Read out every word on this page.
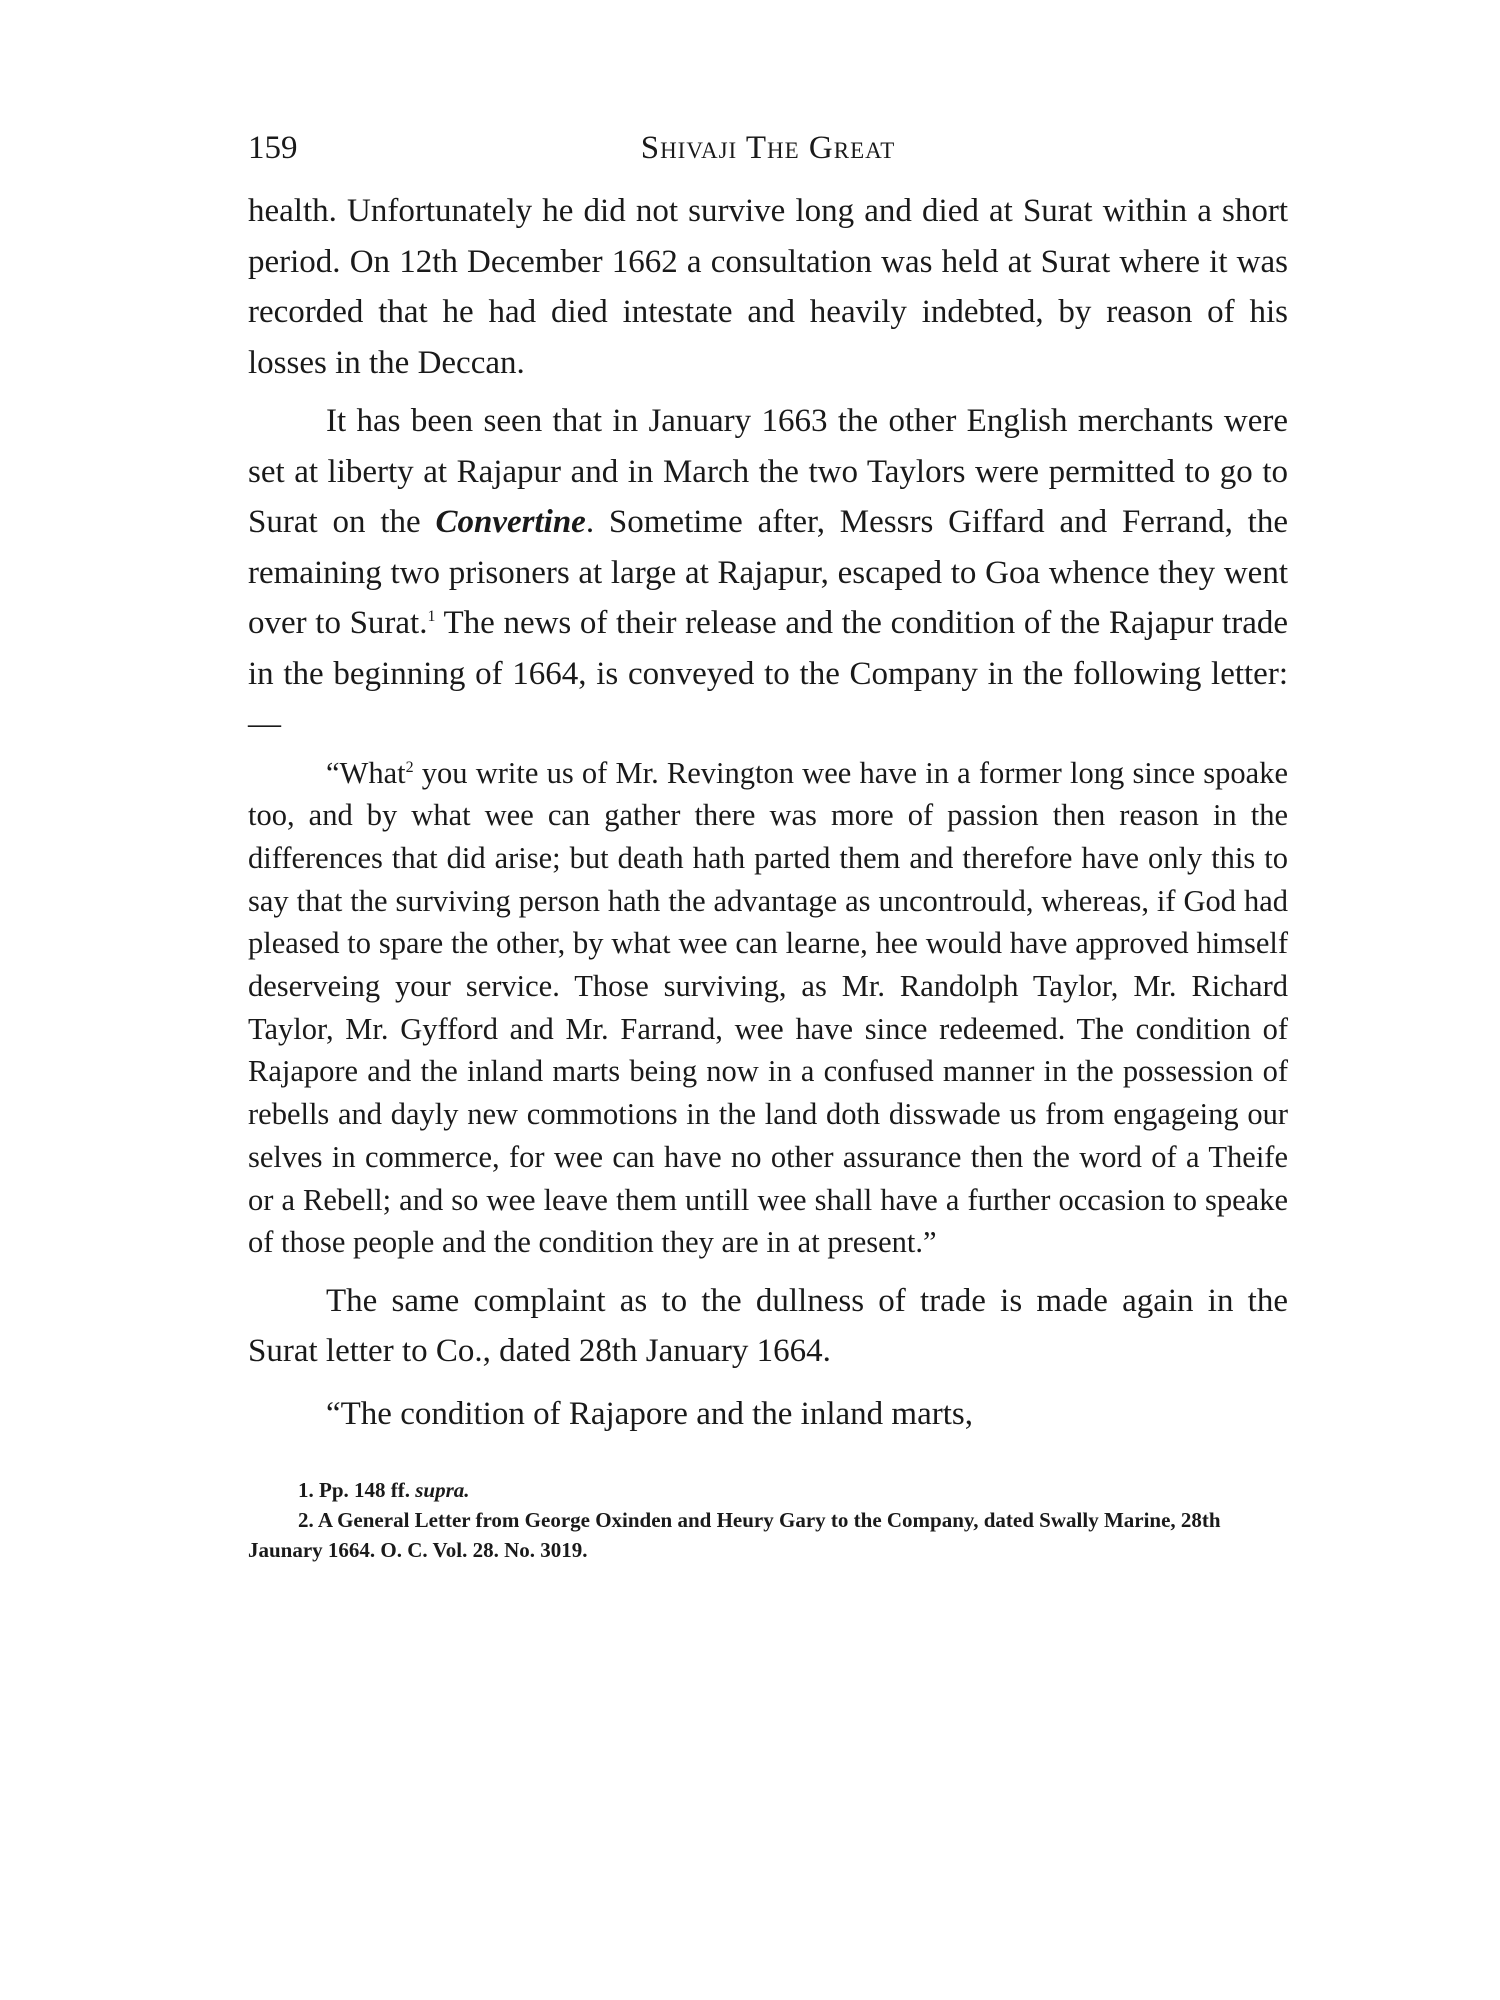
159	Shivaji The Great

health. Unfortunately he did not survive long and died at Surat within a short period. On 12th December 1662 a consultation was held at Surat where it was recorded that he had died intestate and heavily indebted, by reason of his losses in the Deccan.

It has been seen that in January 1663 the other English merchants were set at liberty at Rajapur and in March the two Taylors were permitted to go to Surat on the Convertine. Sometime after, Messrs Giffard and Ferrand, the remaining two prisoners at large at Rajapur, escaped to Goa whence they went over to Surat.$^1$ The news of their release and the condition of the Rajapur trade in the beginning of 1664, is conveyed to the Company in the following letter:—

“What$^2$ you write us of Mr. Revington wee have in a former long since spoake too, and by what wee can gather there was more of passion then reason in the differences that did arise; but death hath parted them and therefore have only this to say that the surviving person hath the advantage as uncontrould, whereas, if God had pleased to spare the other, by what wee can learne, hee would have approved himself deserveing your service. Those surviving, as Mr. Randolph Taylor, Mr. Richard Taylor, Mr. Gyfford and Mr. Farrand, wee have since redeemed. The condition of Rajapore and the inland marts being now in a confused manner in the possession of rebells and dayly new commotions in the land doth disswade us from engageing our selves in commerce, for wee can have no other assurance then the word of a Theife or a Rebell; and so wee leave them untill wee shall have a further occasion to speake of those people and the condition they are in at present.”

The same complaint as to the dullness of trade is made again in the Surat letter to Co., dated 28th January 1664.

“The condition of Rajapore and the inland marts,

1. Pp. 148 ff. supra.
2. A General Letter from George Oxinden and Heury Gary to the Company, dated Swally Marine, 28th Jaunary 1664. O. C. Vol. 28. No. 3019.
